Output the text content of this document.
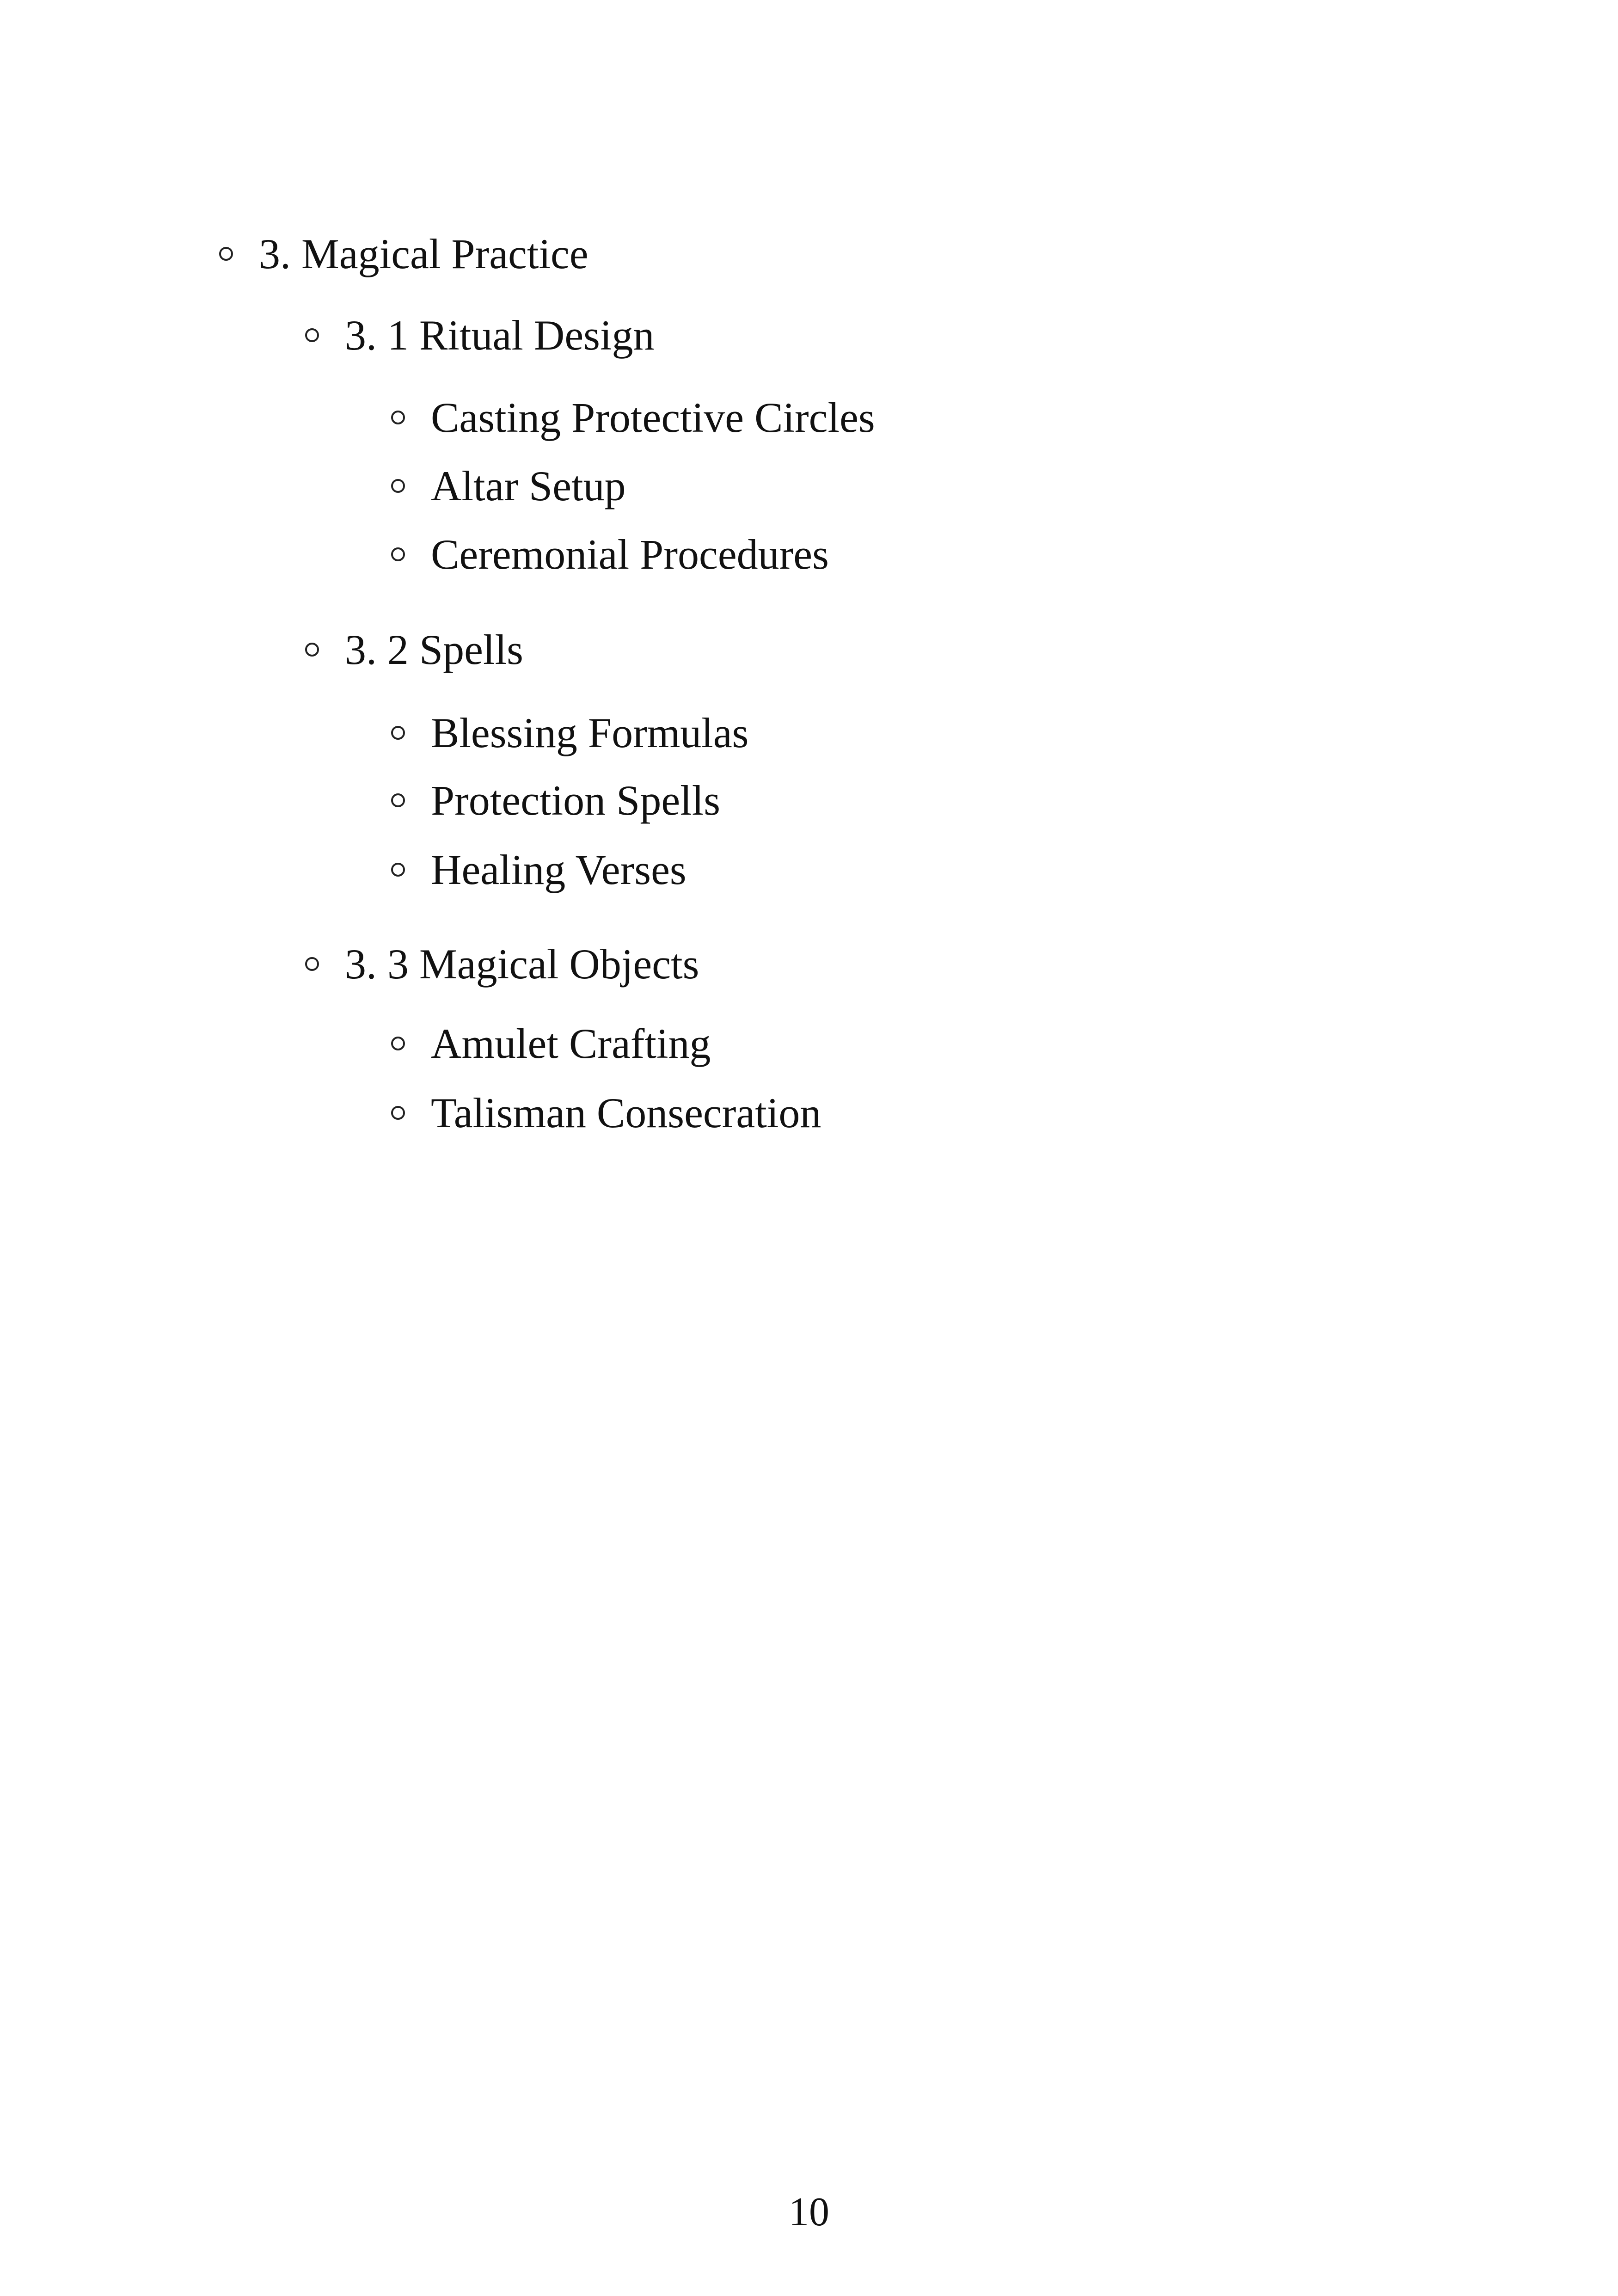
3. Magical Practice
3. 1 Ritual Design
Casting Protective Circles
Altar Setup
Ceremonial Procedures
3. 2 Spells
Blessing Formulas
Protection Spells
Healing Verses
3. 3 Magical Objects
Amulet Crafting
Talisman Consecration
10
